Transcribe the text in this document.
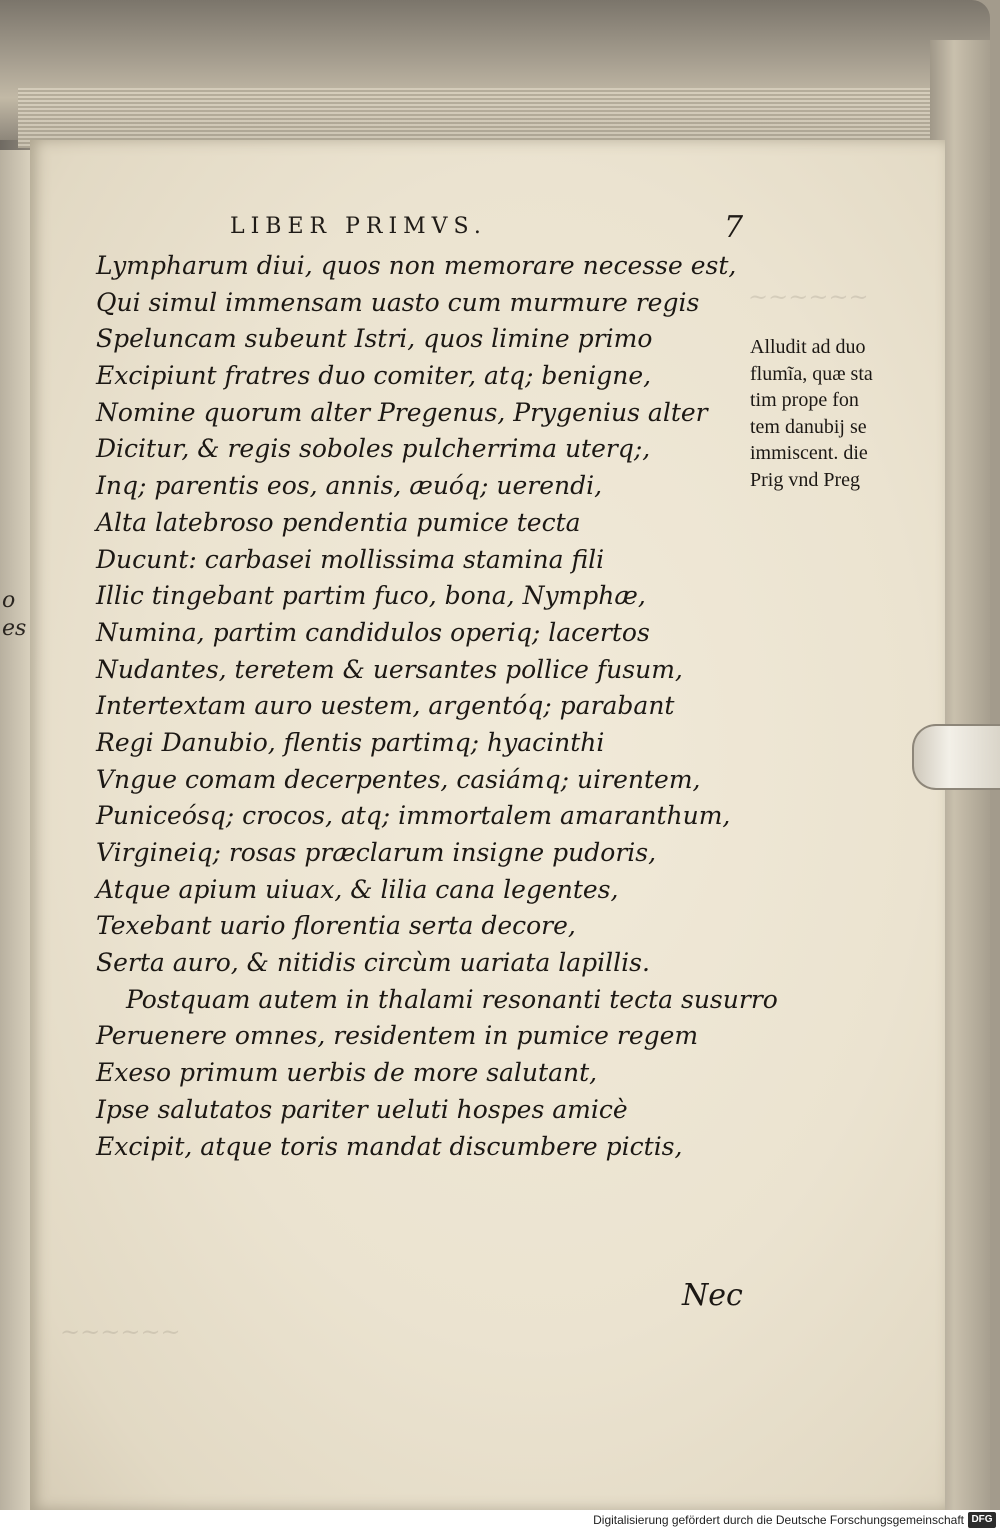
o
es
~~~~~~
~~~~~~
LIBER PRIMVS.	7
Lympharum diui, quos non memorare necesse est,
Qui simul immensam uasto cum murmure regis
Speluncam subeunt Istri, quos limine primo
Excipiunt fratres duo comiter, atq; benigne,
Nomine quorum alter Pregenus, Prygenius alter
Dicitur, & regis soboles pulcherrima uterq;,
Inq; parentis eos, annis, æuóq; uerendi,
Alta latebroso pendentia pumice tecta
Ducunt: carbasei mollissima stamina fili
Illic tingebant partim fuco, bona, Nymphæ,
Numina, partim candidulos operiq; lacertos
Nudantes, teretem & uersantes pollice fusum,
Intertextam auro uestem, argentóq; parabant
Regi Danubio, flentis partimq; hyacinthi
Vngue comam decerpentes, casiámq; uirentem,
Puniceósq; crocos, atq; immortalem amaranthum,
Virgineiq; rosas præclarum insigne pudoris,
Atque apium uiuax, & lilia cana legentes,
Texebant uario florentia serta decore,
Serta auro, & nitidis circùm uariata lapillis.
Postquam autem in thalami resonanti tecta susurro
Peruenere omnes, residentem in pumice regem
Exeso primum uerbis de more salutant,
Ipse salutatos pariter ueluti hospes amicè
Excipit, atque toris mandat discumbere pictis,
Alludit ad duo
flumĩa, quæ sta
tim prope fon
tem danubij se
immiscent. die
Prig vnd Preg
Nec
Digitalisierung gefördert durch die Deutsche Forschungsgemeinschaft DFG
